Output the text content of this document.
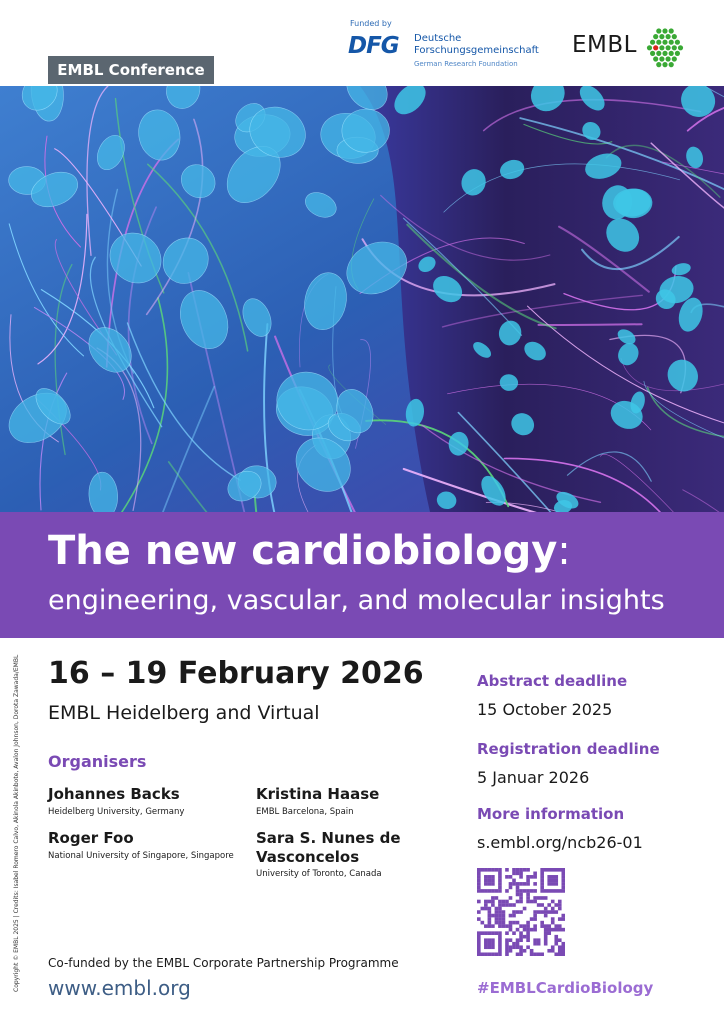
EMBL Conference
Funded by
DFG Deutsche
Forschungsgemeinschaft
German Research Foundation
EMBL
The new cardiobiology:
engineering, vascular, and molecular insights
16 – 19 February 2026
EMBL Heidelberg and Virtual
Organisers
Johannes Backs
Heidelberg University, Germany
Roger Foo
National University of Singapore, Singapore
Kristina Haase
EMBL Barcelona, Spain
Sara S. Nunes de Vasconcelos
University of Toronto, Canada
Co-funded by the EMBL Corporate Partnership Programme
www.embl.org
Abstract deadline
15 October 2025
Registration deadline
5 Januar 2026
More information
s.embl.org/ncb26-01
#EMBLCardioBiology
Copyright © EMBL 2025 | Credits: Isabel Romero Calvo, Akinola Akinbote, Avalon Johnson, Dorota Zawada/EMBL
